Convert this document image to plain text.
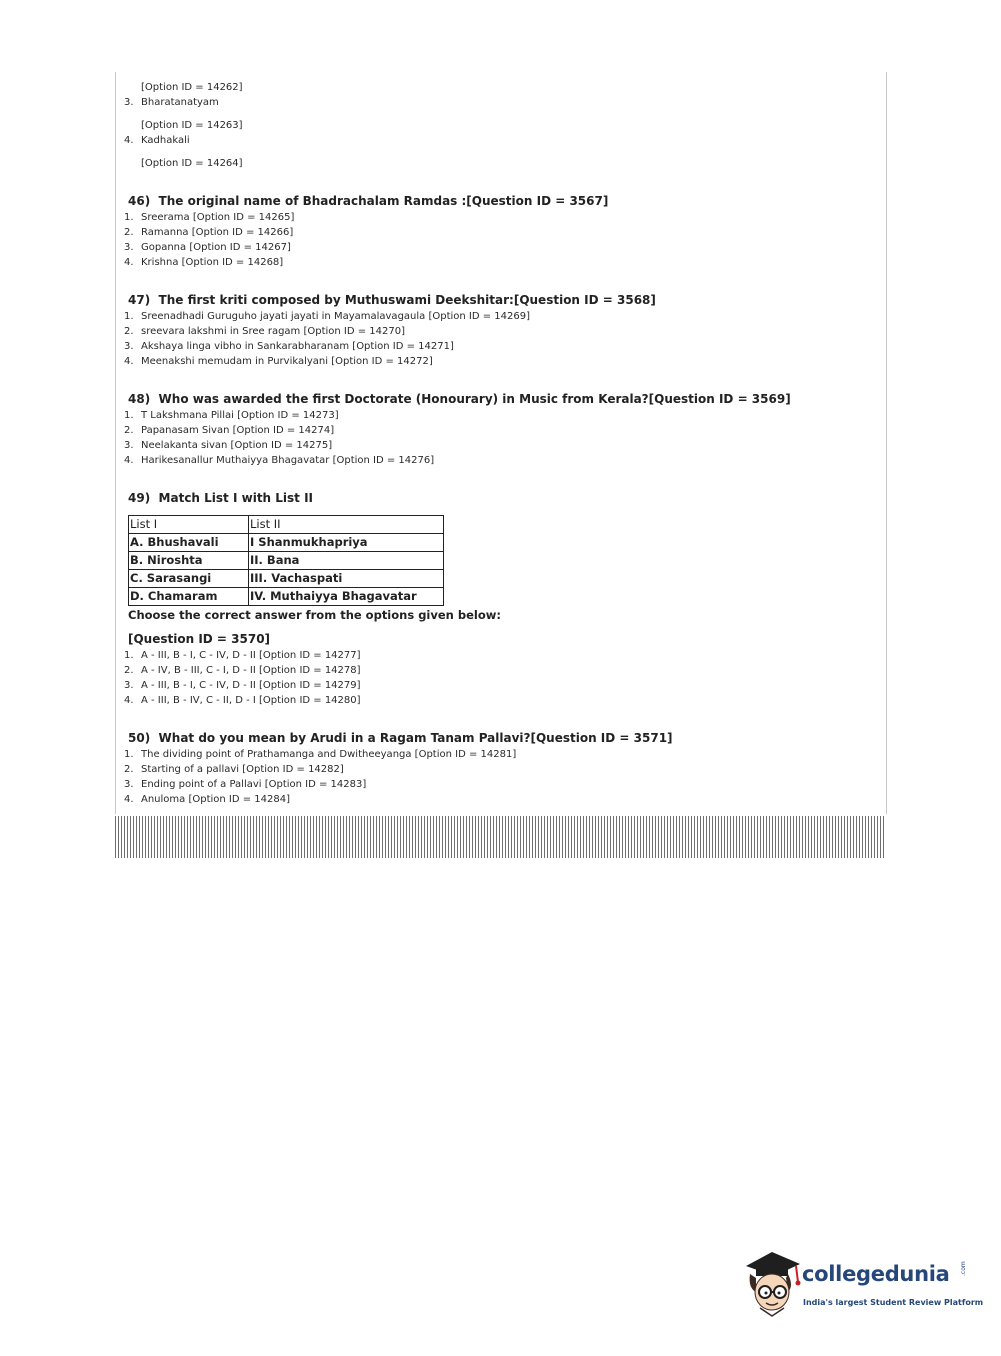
[Option ID = 14262]

3. Bharatanatyam

[Option ID = 14263]

4. Kadhakali

[Option ID = 14264]

46) The original name of Bhadrachalam Ramdas :[Question ID = 3567]

1. Sreerama [Option ID = 14265]

2. Ramanna [Option ID = 14266]

3. Gopanna [Option ID = 14267]

4. Krishna [Option ID = 14268]

47) The first kriti composed by Muthuswami Deekshitar:[Question ID = 3568]

1. Sreenadhadi Guruguho jayati jayati in Mayamalavagaula [Option ID = 14269]

2. sreevara lakshmi in Sree ragam [Option ID = 14270]

3. Akshaya linga vibho in Sankarabharanam [Option ID = 14271]

4. Meenakshi memudam in Purvikalyani [Option ID = 14272]

48) Who was awarded the first Doctorate (Honourary) in Music from Kerala?[Question ID = 3569]

1. T Lakshmana Pillai [Option ID = 14273]

2. Papanasam Sivan [Option ID = 14274]

3. Neelakanta sivan [Option ID = 14275]

4. Harikesanallur Muthaiyya Bhagavatar [Option ID = 14276]

49) Match List I with List II

List I	List II
A. Bhushavali	I Shanmukhapriya
B. Niroshta	II. Bana
C. Sarasangi	III. Vachaspati
D. Chamaram	IV. Muthaiyya Bhagavatar

Choose the correct answer from the options given below:

[Question ID = 3570]

1. A - III, B - I, C - IV, D - II [Option ID = 14277]

2. A - IV, B - III, C - I, D - II [Option ID = 14278]

3. A - III, B - I, C - IV, D - II [Option ID = 14279]

4. A - III, B - IV, C - II, D - I [Option ID = 14280]

50) What do you mean by Arudi in a Ragam Tanam Pallavi?[Question ID = 3571]

1. The dividing point of Prathamanga and Dwitheeyanga [Option ID = 14281]

2. Starting of a pallavi [Option ID = 14282]

3. Ending point of a Pallavi [Option ID = 14283]

4. Anuloma [Option ID = 14284]

collegedunia .com
India's largest Student Review Platform
